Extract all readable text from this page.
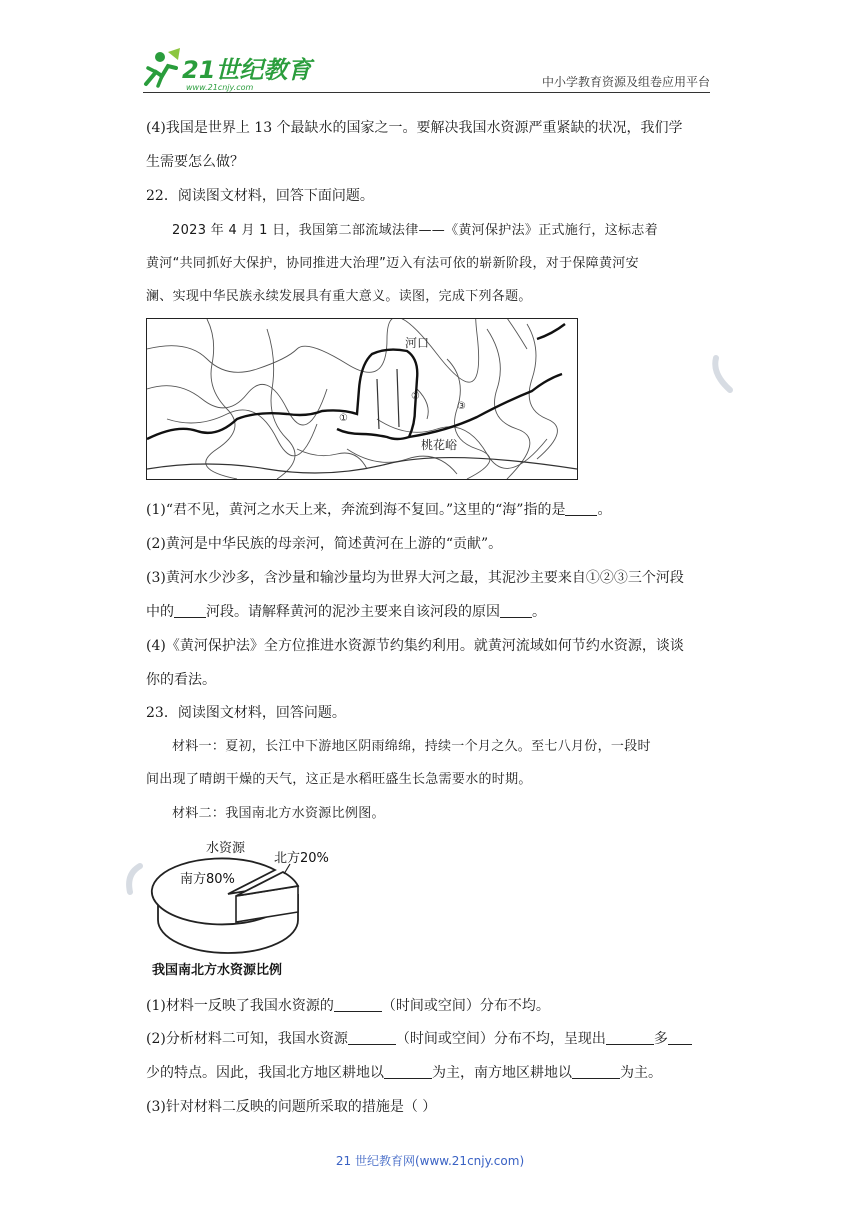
21世纪教育
www.21cnjy.com	中小学教育资源及组卷应用平台
(4)我国是世界上 13 个最缺水的国家之一。要解决我国水资源严重紧缺的状况，我们学
生需要怎么做？
22．阅读图文材料，回答下面问题。
2023 年 4 月 1 日，我国第二部流域法律——《黄河保护法》正式施行，这标志着
黄河“共同抓好大保护，协同推进大治理”迈入有法可依的崭新阶段，对于保障黄河安
澜、实现中华民族永续发展具有重大意义。读图，完成下列各题。
河口
桃花峪
①
②
③
(1)“君不见，黄河之水天上来，奔流到海不复回。”这里的“海”指的是 。
(2)黄河是中华民族的母亲河，简述黄河在上游的“贡献”。
(3)黄河水少沙多，含沙量和输沙量均为世界大河之最，其泥沙主要来自①②③三个河段
中的 河段。请解释黄河的泥沙主要来自该河段的原因 。
(4)《黄河保护法》全方位推进水资源节约集约利用。就黄河流域如何节约水资源，谈谈
你的看法。
23．阅读图文材料，回答问题。
材料一：夏初，长江中下游地区阴雨绵绵，持续一个月之久。至七八月份，一段时
间出现了晴朗干燥的天气，这正是水稻旺盛生长急需要水的时期。
材料二：我国南北方水资源比例图。
水资源
南方80%
北方20%
我国南北方水资源比例
(1)材料一反映了我国水资源的	（时间或空间）分布不均。
(2)分析材料二可知，我国水资源	（时间或空间）分布不均，呈现出	多
少的特点。因此，我国北方地区耕地以	为主，南方地区耕地以	为主。
(3)针对材料二反映的问题所采取的措施是（ ）
21 世纪教育网(www.21cnjy.com)
